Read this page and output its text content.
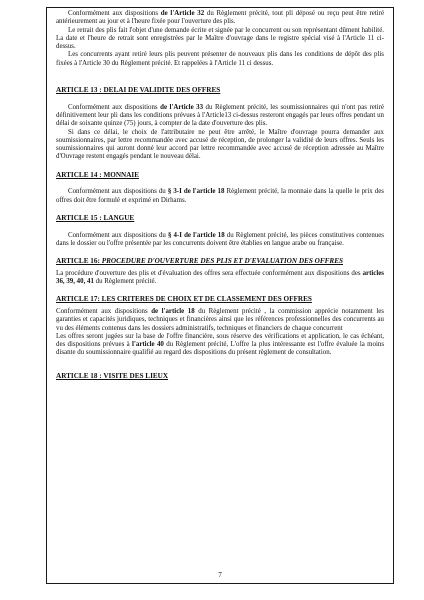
Conformément aux dispositions de l'Article 32 du Règlement précité, tout pli déposé ou reçu peut être retiré antérieurement au jour et à l'heure fixée pour l'ouverture des plis.

Le retrait des plis fait l'objet d'une demande écrite et signée par le concurrent ou son représentant dûment habilité. La date et l'heure de retrait sont enregistrées par le Maître d'ouvrage dans le registre spécial visé à l'Article 11 ci-dessus.

Les concurrents ayant retiré leurs plis peuvent présenter de nouveaux plis dans les conditions de dépôt des plis fixées à l'Article 30 du Règlement précité. Et rappelées à l'Article 11 ci dessus.

ARTICLE 13 : DELAI DE VALIDITE DES OFFRES

Conformément aux dispositions de l'Article 33 du Règlement précité, les soumissionnaires qui n'ont pas retiré définitivement leur pli dans les conditions prévues à l'Article13 ci-dessus resteront engagés par leurs offres pendant un délai de soixante quinze (75) jours, à compter de la date d'ouverture des plis.

Si dans ce délai, le choix de l'attributaire ne peut être arrêté, le Maître d'ouvrage pourra demander aux soumissionnaires, par lettre recommandée avec accusé de réception, de prolonger la validité de leurs offres. Seuls les soumissionnaires qui auront donné leur accord par lettre recommandée avec accusé de réception adressée au Maître d'Ouvrage restent engagés pendant le nouveau délai.

ARTICLE 14 : MONNAIE

Conformément aux dispositions du § 3-I de l'article 18 Règlement précité, la monnaie dans la quelle le prix des offres doit être formulé et exprimé en Dirhams.

ARTICLE 15 : LANGUE

Conformément aux dispositions du § 4-I de l'article 18 du Règlement précité, les pièces constitutives contenues dans le dossier ou l'offre présentée par les concurrents doivent être établies en langue arabe ou française.

ARTICLE 16: PROCEDURE D'OUVERTURE DES PLIS ET D'EVALUATION DES OFFRES

La procédure d'ouverture des plis et d'évaluation des offres sera effectuée conformément aux dispositions des articles 36, 39, 40, 41 du Règlement précité.

ARTICLE 17: LES CRITERES DE CHOIX ET DE CLASSEMENT DES OFFRES

Conformément aux dispositions de l'article 18 du Règlement précité , la commission apprécie notamment les garanties et capacités juridiques, techniques et financières ainsi que les références professionnelles des concurrents au vu des éléments contenus dans les dossiers administratifs, techniques et financiers de chaque concurrent

Les offres seront jugées sur la base de l'offre financière, sous réserve des vérifications et application, le cas échéant, des dispositions prévues à l'article 40 du Règlement précité, L'offre la plus intéressante est l'offre évaluée la moins disante du soumissionnaire qualifié au regard des dispositions du présent règlement de consultation.

ARTICLE 18 : VISITE DES LIEUX
7
